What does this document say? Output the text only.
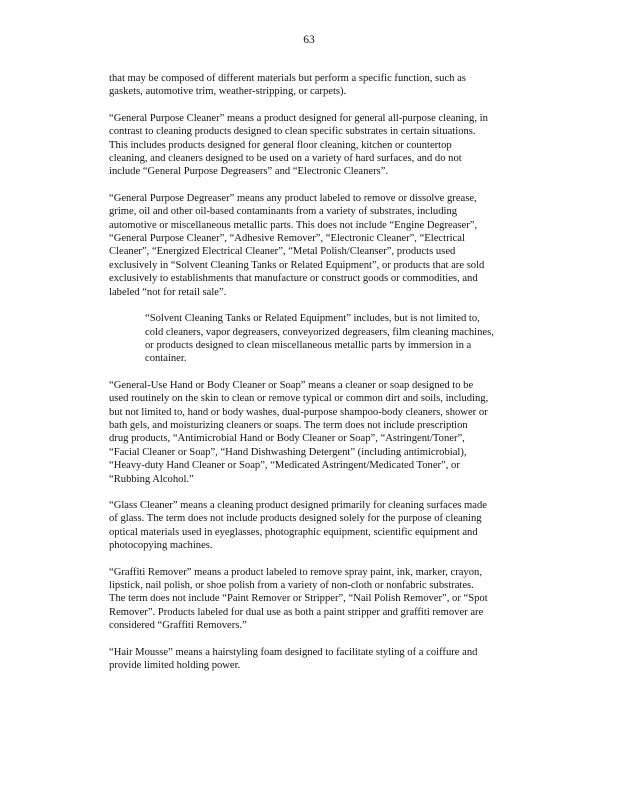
63

that may be composed of different materials but perform a specific function, such as
gaskets, automotive trim, weather-stripping, or carpets).

“General Purpose Cleaner” means a product designed for general all-purpose cleaning, in
contrast to cleaning products designed to clean specific substrates in certain situations.
This includes products designed for general floor cleaning, kitchen or countertop
cleaning, and cleaners designed to be used on a variety of hard surfaces, and do not
include “General Purpose Degreasers” and “Electronic Cleaners”.

“General Purpose Degreaser” means any product labeled to remove or dissolve grease,
grime, oil and other oil-based contaminants from a variety of substrates, including
automotive or miscellaneous metallic parts. This does not include “Engine Degreaser”,
“General Purpose Cleaner”, “Adhesive Remover”, “Electronic Cleaner”, “Electrical
Cleaner”, “Energized Electrical Cleaner”, “Metal Polish/Cleanser”, products used
exclusively in “Solvent Cleaning Tanks or Related Equipment”, or products that are sold
exclusively to establishments that manufacture or construct goods or commodities, and
labeled “not for retail sale”.

“Solvent Cleaning Tanks or Related Equipment” includes, but is not limited to,
cold cleaners, vapor degreasers, conveyorized degreasers, film cleaning machines,
or products designed to clean miscellaneous metallic parts by immersion in a
container.

“General-Use Hand or Body Cleaner or Soap” means a cleaner or soap designed to be
used routinely on the skin to clean or remove typical or common dirt and soils, including,
but not limited to, hand or body washes, dual-purpose shampoo-body cleaners, shower or
bath gels, and moisturizing cleaners or soaps. The term does not include prescription
drug products, “Antimicrobial Hand or Body Cleaner or Soap”, “Astringent/Toner”,
“Facial Cleaner or Soap”, “Hand Dishwashing Detergent” (including antimicrobial),
“Heavy-duty Hand Cleaner or Soap”, “Medicated Astringent/Medicated Toner”, or
“Rubbing Alcohol.”

“Glass Cleaner” means a cleaning product designed primarily for cleaning surfaces made
of glass. The term does not include products designed solely for the purpose of cleaning
optical materials used in eyeglasses, photographic equipment, scientific equipment and
photocopying machines.

“Graffiti Remover” means a product labeled to remove spray paint, ink, marker, crayon,
lipstick, nail polish, or shoe polish from a variety of non-cloth or nonfabric substrates.
The term does not include “Paint Remover or Stripper”, “Nail Polish Remover”, or “Spot
Remover”. Products labeled for dual use as both a paint stripper and graffiti remover are
considered “Graffiti Removers.”

“Hair Mousse” means a hairstyling foam designed to facilitate styling of a coiffure and
provide limited holding power.
